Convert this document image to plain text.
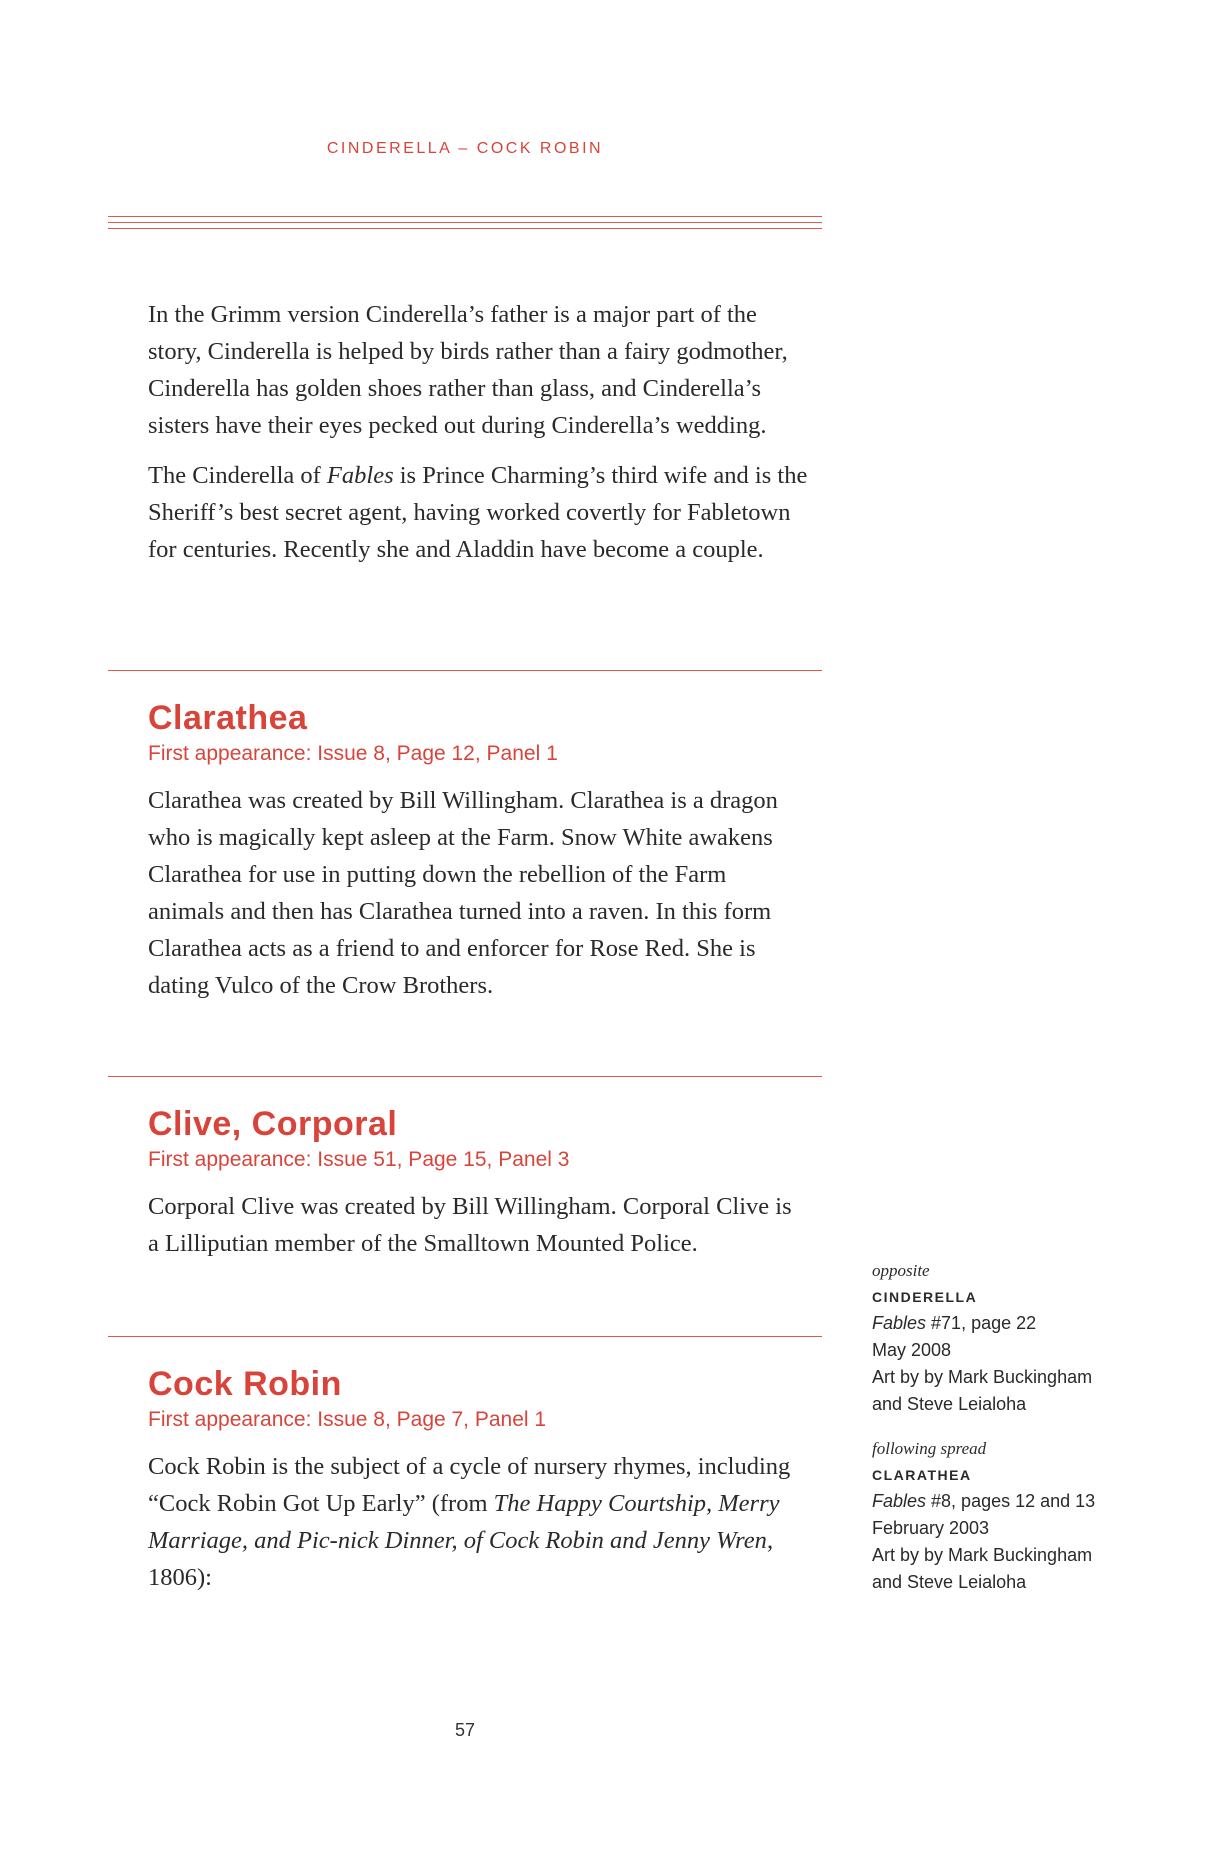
CINDERELLA – COCK ROBIN

In the Grimm version Cinderella’s father is a major part of the story, Cinderella is helped by birds rather than a fairy godmother, Cinderella has golden shoes rather than glass, and Cinderella’s sisters have their eyes pecked out during Cinderella’s wedding.

The Cinderella of Fables is Prince Charming’s third wife and is the Sheriff’s best secret agent, having worked covertly for Fabletown for centuries. Recently she and Aladdin have become a couple.

Clarathea
First appearance: Issue 8, Page 12, Panel 1

Clarathea was created by Bill Willingham. Clarathea is a dragon who is magically kept asleep at the Farm. Snow White awakens Clarathea for use in putting down the rebellion of the Farm animals and then has Clarathea turned into a raven. In this form Clarathea acts as a friend to and enforcer for Rose Red. She is dating Vulco of the Crow Brothers.

Clive, Corporal
First appearance: Issue 51, Page 15, Panel 3

Corporal Clive was created by Bill Willingham. Corporal Clive is a Lilliputian member of the Smalltown Mounted Police.

Cock Robin
First appearance: Issue 8, Page 7, Panel 1

Cock Robin is the subject of a cycle of nursery rhymes, including “Cock Robin Got Up Early” (from The Happy Courtship, Merry Marriage, and Pic-nick Dinner, of Cock Robin and Jenny Wren, 1806):

opposite
CINDERELLA
Fables #71, page 22
May 2008
Art by by Mark Buckingham
and Steve Leialoha
following spread
CLARATHEA
Fables #8, pages 12 and 13
February 2003
Art by by Mark Buckingham
and Steve Leialoha
57
